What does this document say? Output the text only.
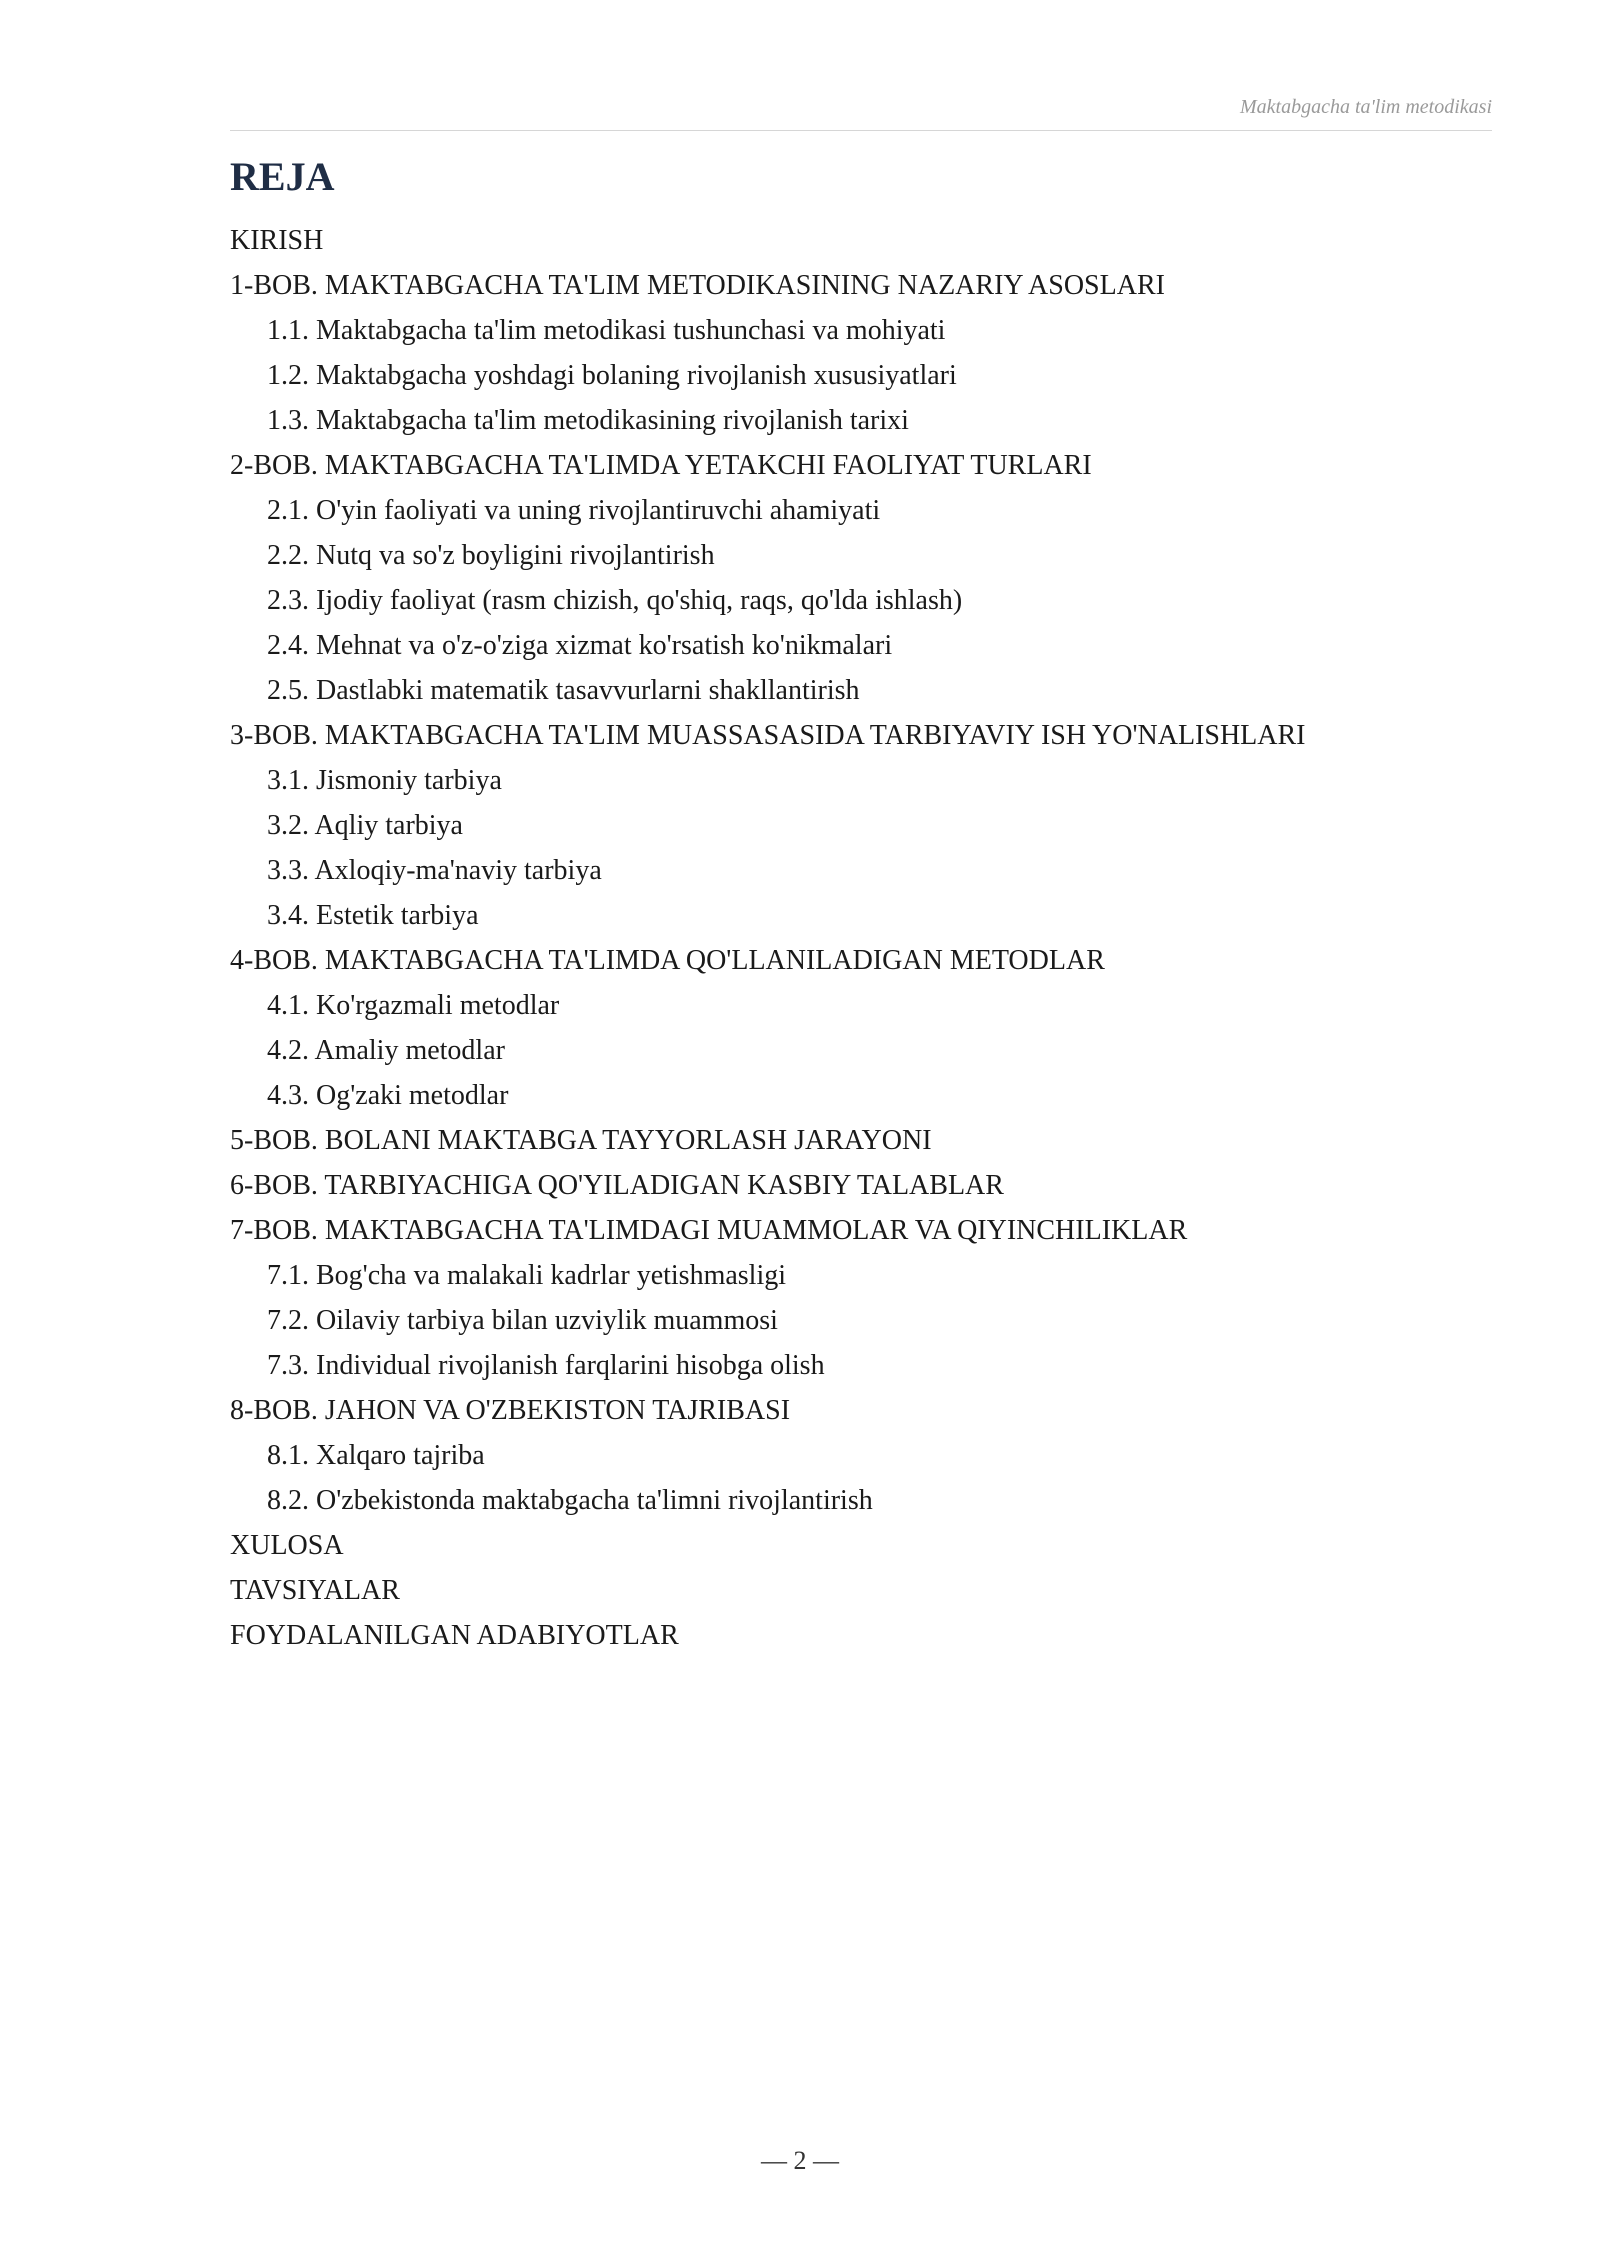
Maktabgacha ta'lim metodikasi
REJA
KIRISH
1-BOB. MAKTABGACHA TA'LIM METODIKASINING NAZARIY ASOSLARI
1.1. Maktabgacha ta'lim metodikasi tushunchasi va mohiyati
1.2. Maktabgacha yoshdagi bolaning rivojlanish xususiyatlari
1.3. Maktabgacha ta'lim metodikasining rivojlanish tarixi
2-BOB. MAKTABGACHA TA'LIMDA YETAKCHI FAOLIYAT TURLARI
2.1. O'yin faoliyati va uning rivojlantiruvchi ahamiyati
2.2. Nutq va so'z boyligini rivojlantirish
2.3. Ijodiy faoliyat (rasm chizish, qo'shiq, raqs, qo'lda ishlash)
2.4. Mehnat va o'z-o'ziga xizmat ko'rsatish ko'nikmalari
2.5. Dastlabki matematik tasavvurlarni shakllantirish
3-BOB. MAKTABGACHA TA'LIM MUASSASASIDA TARBIYAVIY ISH YO'NALISHLARI
3.1. Jismoniy tarbiya
3.2. Aqliy tarbiya
3.3. Axloqiy-ma'naviy tarbiya
3.4. Estetik tarbiya
4-BOB. MAKTABGACHA TA'LIMDA QO'LLANILADIGAN METODLAR
4.1. Ko'rgazmali metodlar
4.2. Amaliy metodlar
4.3. Og'zaki metodlar
5-BOB. BOLANI MAKTABGA TAYYORLASH JARAYONI
6-BOB. TARBIYACHIGA QO'YILADIGAN KASBIY TALABLAR
7-BOB. MAKTABGACHA TA'LIMDAGI MUAMMOLAR VA QIYINCHILIKLAR
7.1. Bog'cha va malakali kadrlar yetishmasligi
7.2. Oilaviy tarbiya bilan uzviylik muammosi
7.3. Individual rivojlanish farqlarini hisobga olish
8-BOB. JAHON VA O'ZBEKISTON TAJRIBASI
8.1. Xalqaro tajriba
8.2. O'zbekistonda maktabgacha ta'limni rivojlantirish
XULOSA
TAVSIYALAR
FOYDALANILGAN ADABIYOTLAR
— 2 —
